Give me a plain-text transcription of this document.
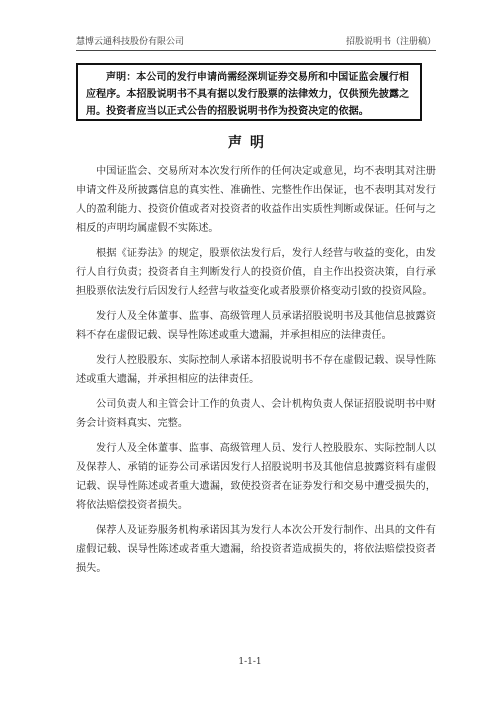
慧博云通科技股份有限公司	招股说明书（注册稿）
声明：本公司的发行申请尚需经深圳证券交易所和中国证监会履行相应程序。本招股说明书不具有据以发行股票的法律效力，仅供预先披露之用。投资者应当以正式公告的招股说明书作为投资决定的依据。
声明

中国证监会、交易所对本次发行所作的任何决定或意见，均不表明其对注册申请文件及所披露信息的真实性、准确性、完整性作出保证，也不表明其对发行人的盈利能力、投资价值或者对投资者的收益作出实质性判断或保证。任何与之相反的声明均属虚假不实陈述。

根据《证券法》的规定，股票依法发行后，发行人经营与收益的变化，由发行人自行负责；投资者自主判断发行人的投资价值，自主作出投资决策，自行承担股票依法发行后因发行人经营与收益变化或者股票价格变动引致的投资风险。

发行人及全体董事、监事、高级管理人员承诺招股说明书及其他信息披露资料不存在虚假记载、误导性陈述或重大遗漏，并承担相应的法律责任。

发行人控股股东、实际控制人承诺本招股说明书不存在虚假记载、误导性陈述或重大遗漏，并承担相应的法律责任。

公司负责人和主管会计工作的负责人、会计机构负责人保证招股说明书中财务会计资料真实、完整。

发行人及全体董事、监事、高级管理人员、发行人控股股东、实际控制人以及保荐人、承销的证券公司承诺因发行人招股说明书及其他信息披露资料有虚假记载、误导性陈述或者重大遗漏，致使投资者在证券发行和交易中遭受损失的，将依法赔偿投资者损失。

保荐人及证券服务机构承诺因其为发行人本次公开发行制作、出具的文件有虚假记载、误导性陈述或者重大遗漏，给投资者造成损失的，将依法赔偿投资者损失。

1-1-1
